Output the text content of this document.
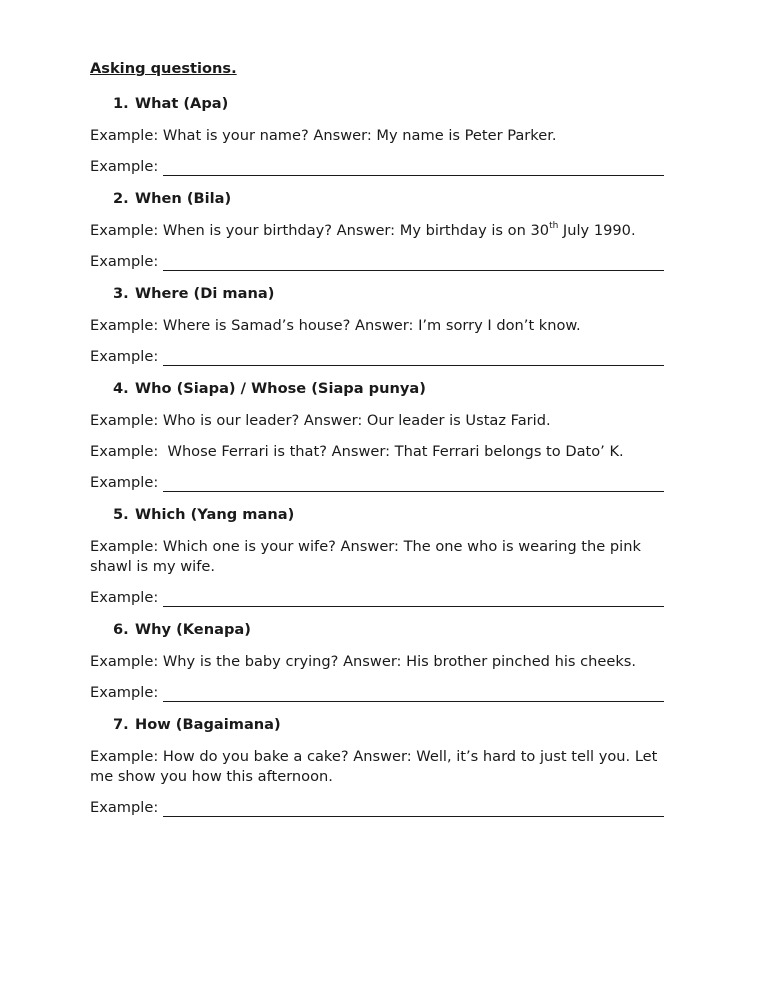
Asking questions.
1. What (Apa)
Example: What is your name? Answer: My name is Peter Parker.
Example:
2. When (Bila)
Example: When is your birthday? Answer: My birthday is on 30th July 1990.
Example:
3. Where (Di mana)
Example: Where is Samad’s house? Answer: I’m sorry I don’t know.
Example:
4. Who (Siapa) / Whose (Siapa punya)
Example: Who is our leader? Answer: Our leader is Ustaz Farid.
Example:  Whose Ferrari is that? Answer: That Ferrari belongs to Dato’ K.
Example:
5. Which (Yang mana)
Example: Which one is your wife? Answer: The one who is wearing the pink shawl is my wife.
Example:
6. Why (Kenapa)
Example: Why is the baby crying? Answer: His brother pinched his cheeks.
Example:
7. How (Bagaimana)
Example: How do you bake a cake? Answer: Well, it’s hard to just tell you. Let me show you how this afternoon.
Example:
